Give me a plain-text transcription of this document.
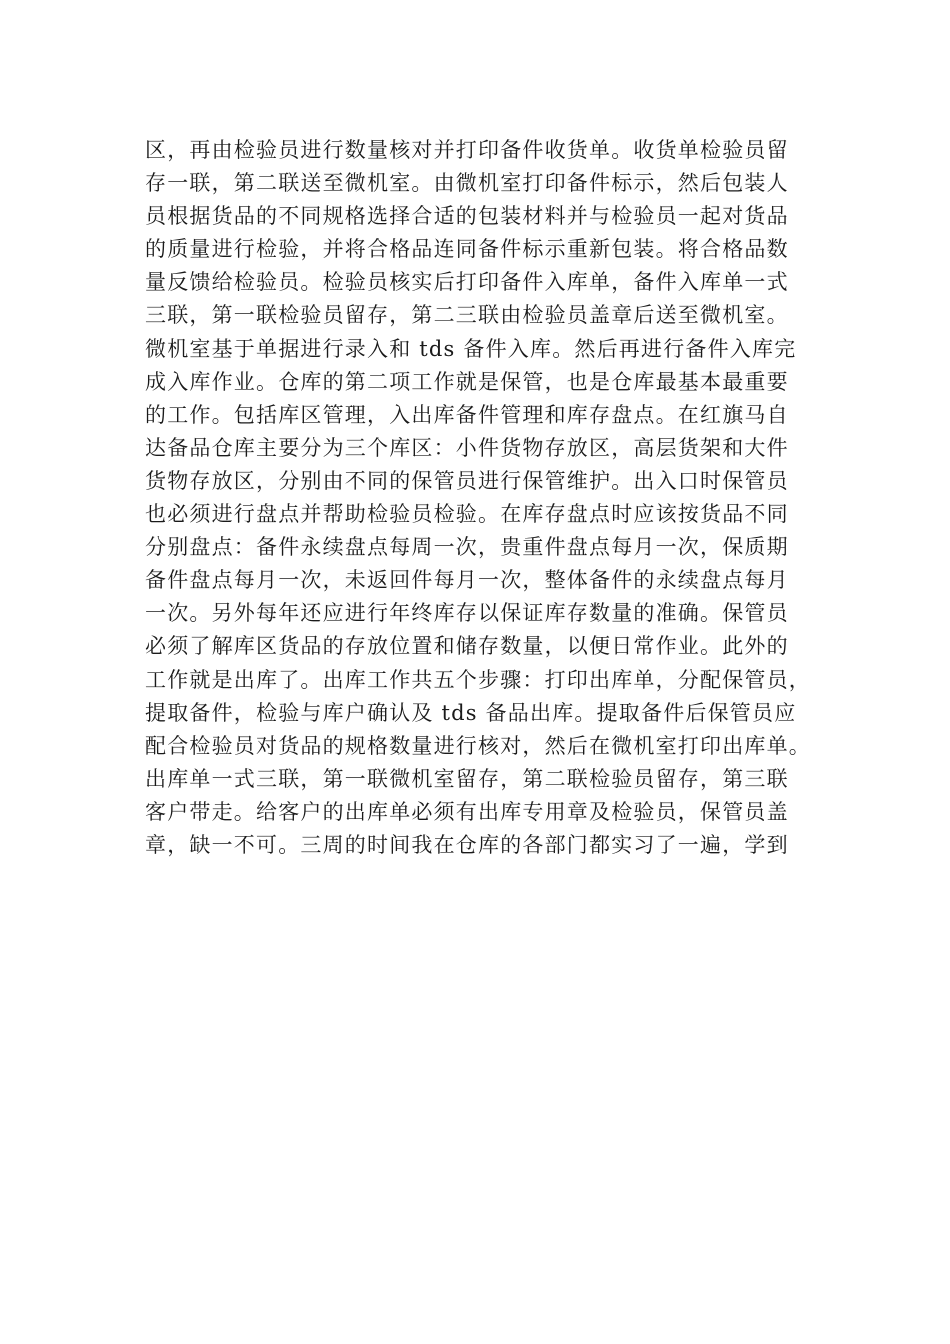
区，再由检验员进行数量核对并打印备件收货单。收货单检验员留
存一联，第二联送至微机室。由微机室打印备件标示，然后包装人
员根据货品的不同规格选择合适的包装材料并与检验员一起对货品
的质量进行检验，并将合格品连同备件标示重新包装。将合格品数
量反馈给检验员。检验员核实后打印备件入库单，备件入库单一式
三联，第一联检验员留存，第二三联由检验员盖章后送至微机室。
微机室基于单据进行录入和 tds 备件入库。然后再进行备件入库完
成入库作业。仓库的第二项工作就是保管，也是仓库最基本最重要
的工作。包括库区管理，入出库备件管理和库存盘点。在红旗马自
达备品仓库主要分为三个库区：小件货物存放区，高层货架和大件
货物存放区，分别由不同的保管员进行保管维护。出入口时保管员
也必须进行盘点并帮助检验员检验。在库存盘点时应该按货品不同
分别盘点：备件永续盘点每周一次，贵重件盘点每月一次，保质期
备件盘点每月一次，未返回件每月一次，整体备件的永续盘点每月
一次。另外每年还应进行年终库存以保证库存数量的准确。保管员
必须了解库区货品的存放位置和储存数量，以便日常作业。此外的
工作就是出库了。出库工作共五个步骤：打印出库单，分配保管员，
提取备件，检验与库户确认及 tds 备品出库。提取备件后保管员应
配合检验员对货品的规格数量进行核对，然后在微机室打印出库单。
出库单一式三联，第一联微机室留存，第二联检验员留存，第三联
客户带走。给客户的出库单必须有出库专用章及检验员，保管员盖
章，缺一不可。三周的时间我在仓库的各部门都实习了一遍，学到
